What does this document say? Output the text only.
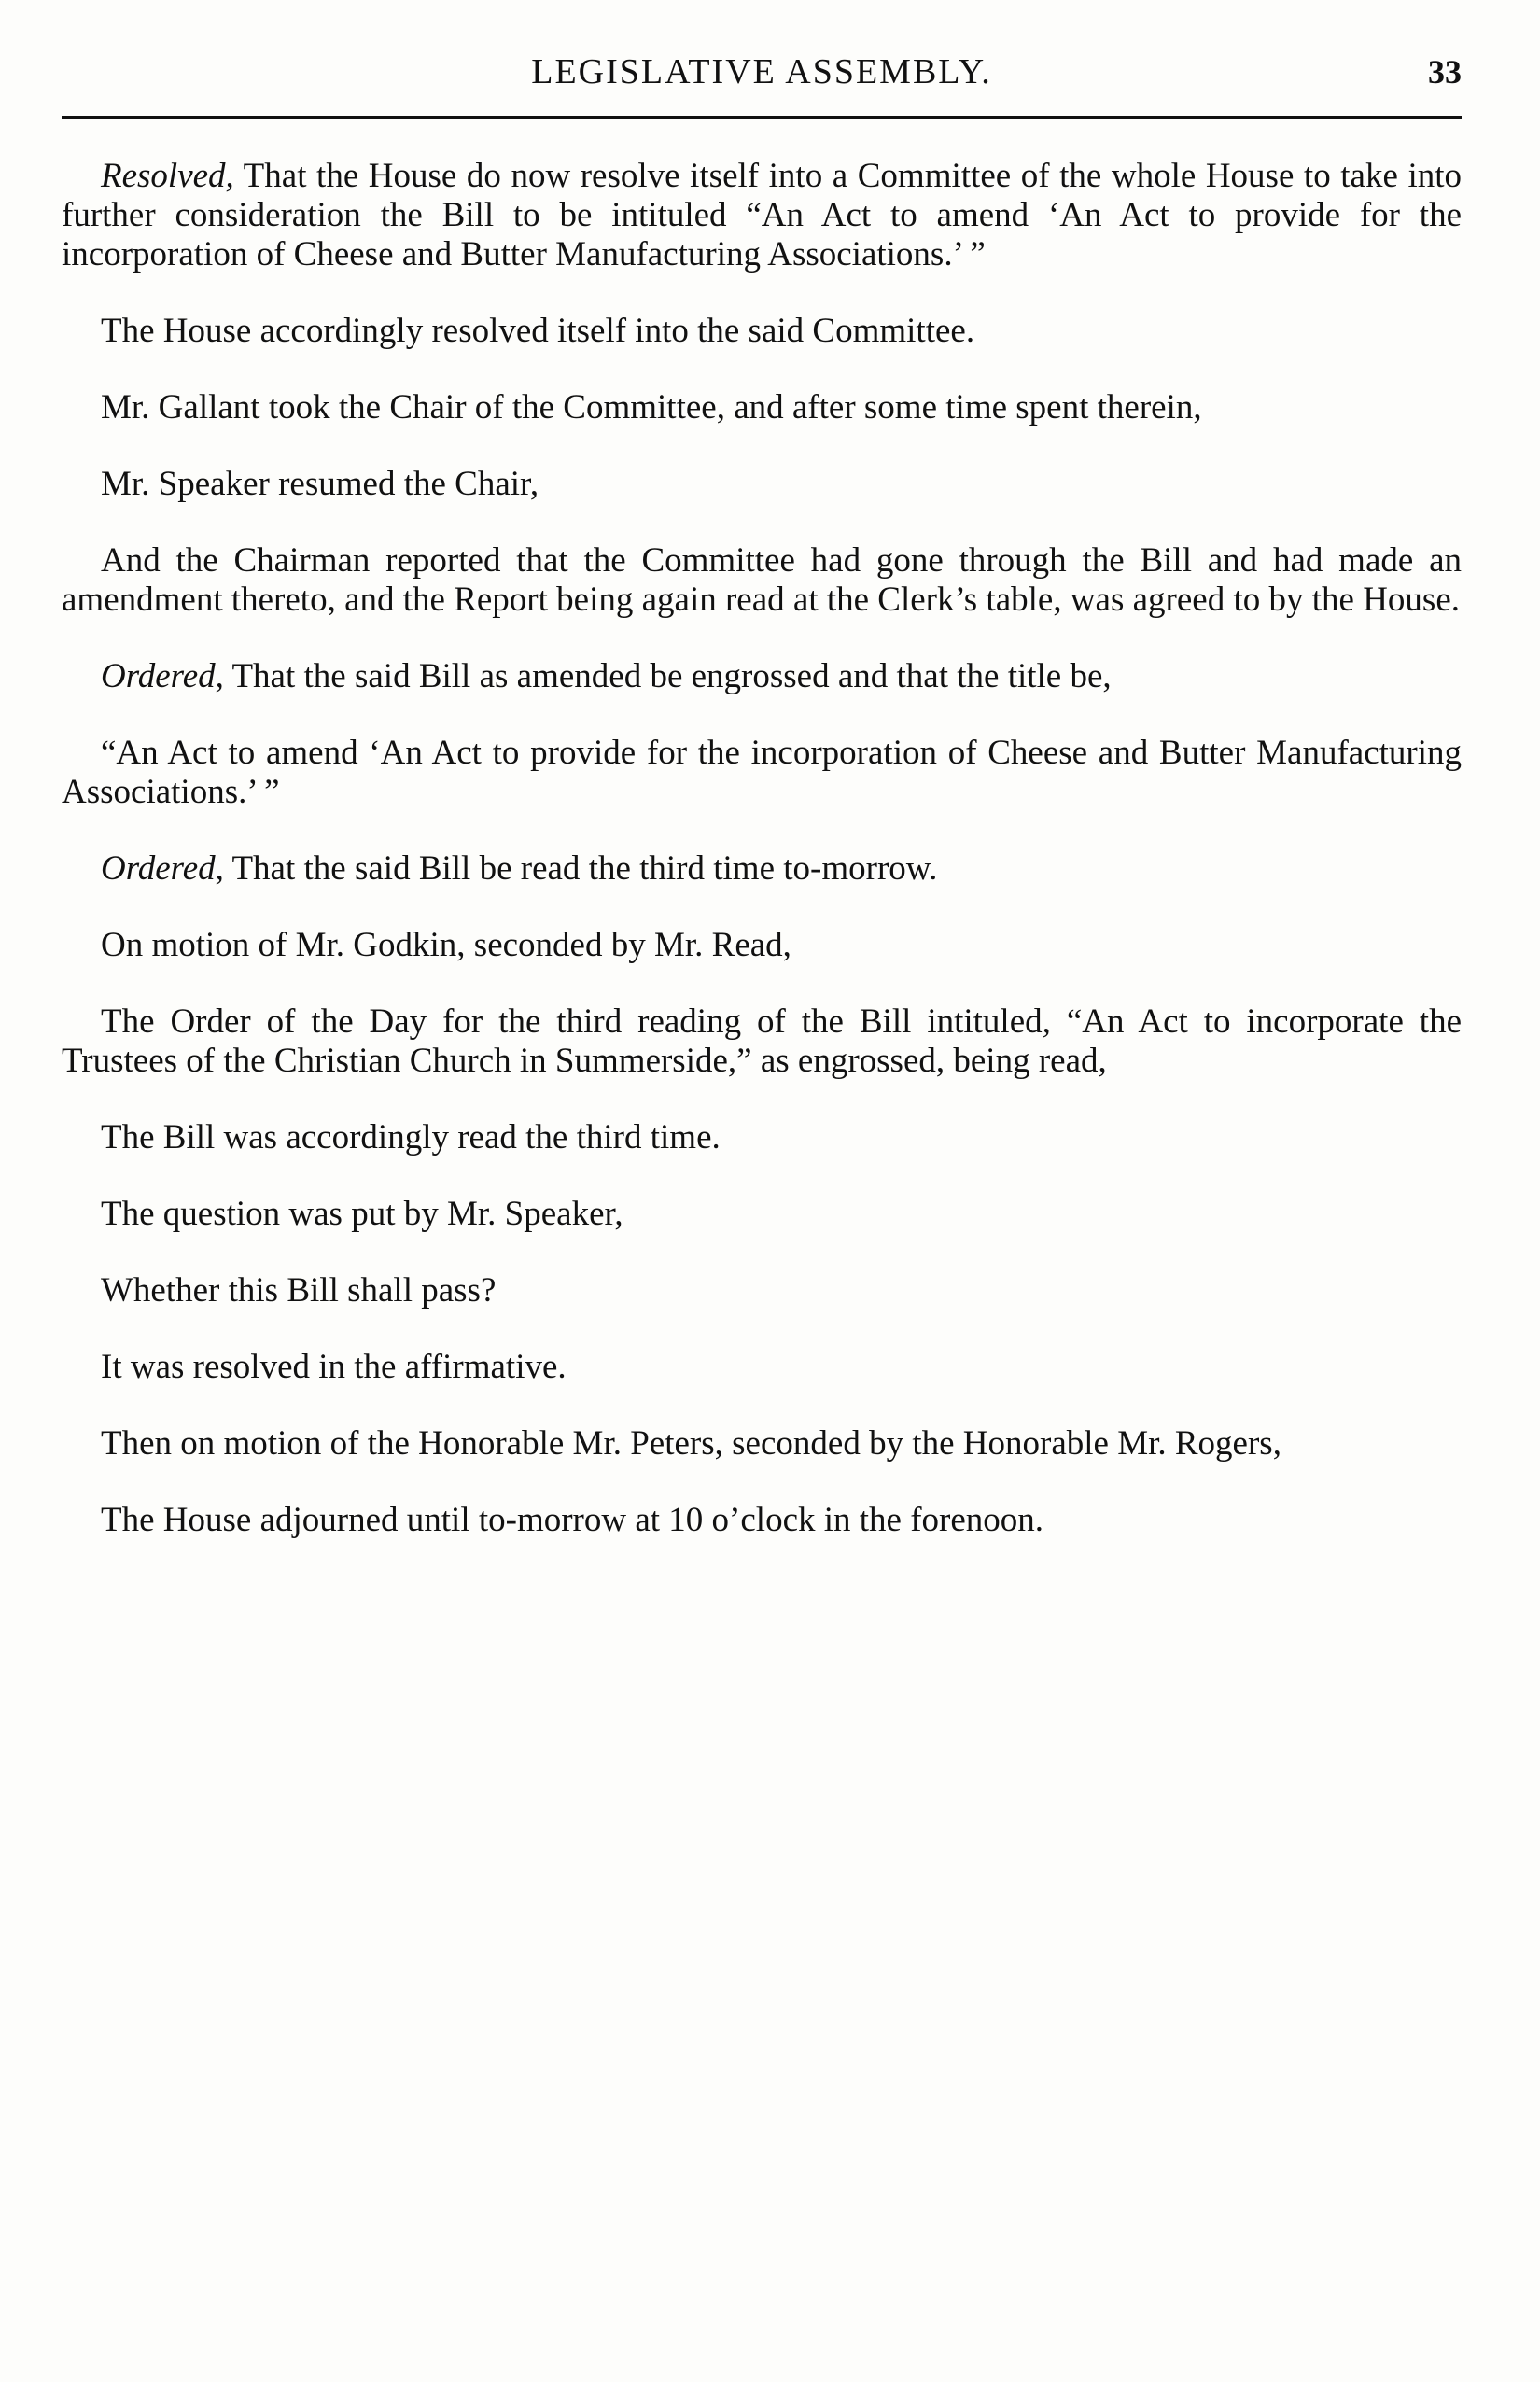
LEGISLATIVE ASSEMBLY.	33

Resolved, That the House do now resolve itself into a Committee of the whole House to take into further consideration the Bill to be intituled “An Act to amend ‘An Act to provide for the incorporation of Cheese and Butter Manufacturing Associations.’ ”

The House accordingly resolved itself into the said Committee.

Mr. Gallant took the Chair of the Committee, and after some time spent therein,

Mr. Speaker resumed the Chair,

And the Chairman reported that the Committee had gone through the Bill and had made an amendment thereto, and the Report being again read at the Clerk’s table, was agreed to by the House.

Ordered, That the said Bill as amended be engrossed and that the title be,

“An Act to amend ‘An Act to provide for the incorporation of Cheese and Butter Manufacturing Associations.’ ”

Ordered, That the said Bill be read the third time to-morrow.

On motion of Mr. Godkin, seconded by Mr. Read,

The Order of the Day for the third reading of the Bill intituled, “An Act to incorporate the Trustees of the Christian Church in Summerside,” as engrossed, being read,

The Bill was accordingly read the third time.

The question was put by Mr. Speaker,

Whether this Bill shall pass?

It was resolved in the affirmative.

Then on motion of the Honorable Mr. Peters, seconded by the Honorable Mr. Rogers,

The House adjourned until to-morrow at 10 o’clock in the forenoon.
